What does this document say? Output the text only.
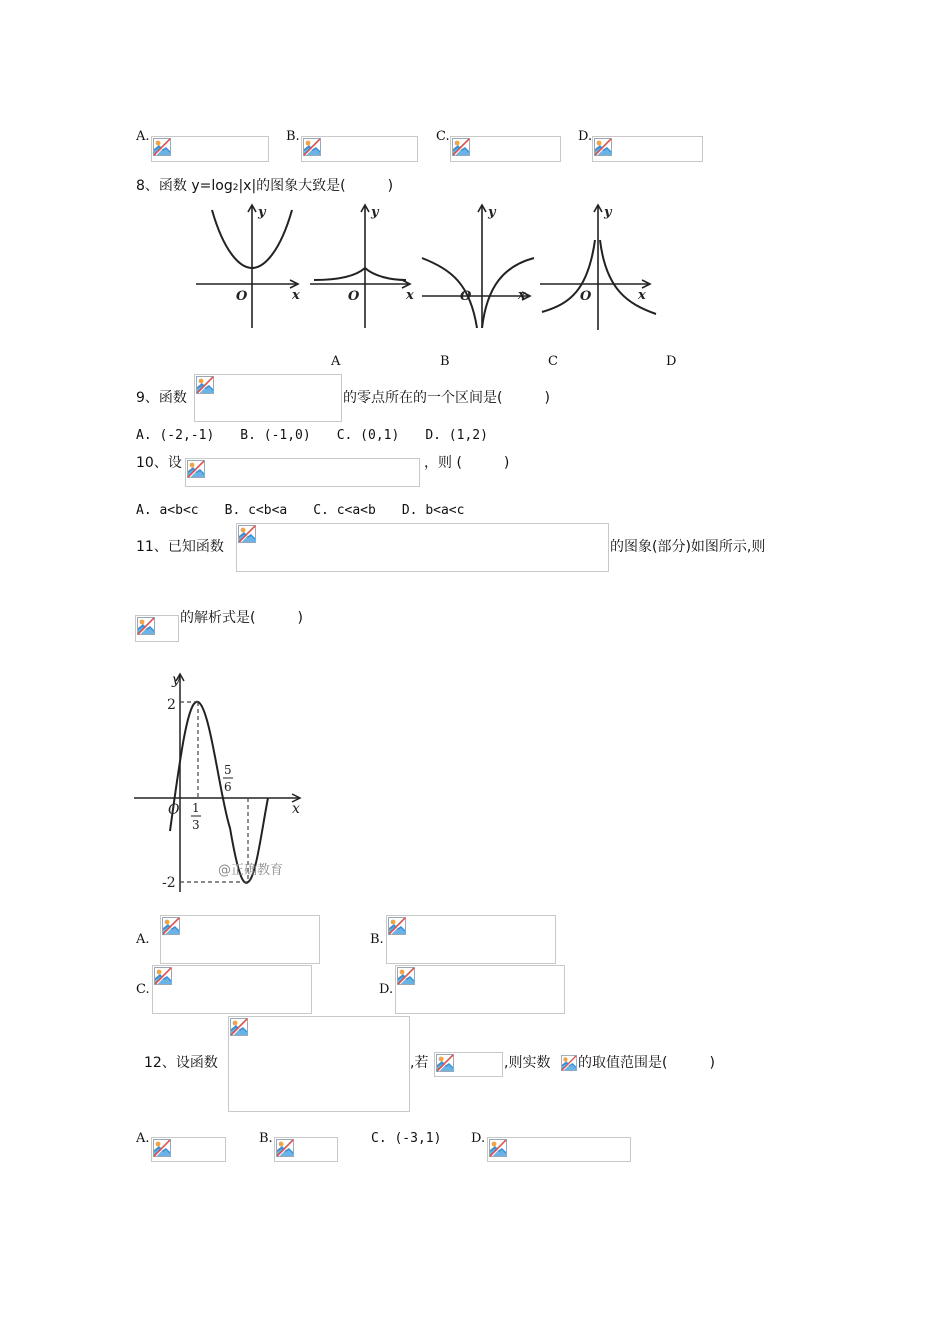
A.	B.	C.	D.
8、函数 y=log2|x|的图象大致是(　　　)
y
x
O
y
x
O
y
x
O
y
x
O
A	B	C	D
9、函数	的零点所在的一个区间是(　　　)
A. (-2,-1)　　B. (-1,0)　　C. (0,1)　　D. (1,2)
10、设	，则 (　　　)
A. a<b<c　　B. c<b<a　　C. c<a<b　　D. b<a<c
11、已知函数	的图象(部分)如图所示,则
的解析式是(　　　)
y
x
O
2
-2
1
3
5
6
@正确教育
A.	B.
C.	D.
12、设函数	,若	,则实数 的取值范围是(　　　)
A.	B.	C. (-3,1) D.
